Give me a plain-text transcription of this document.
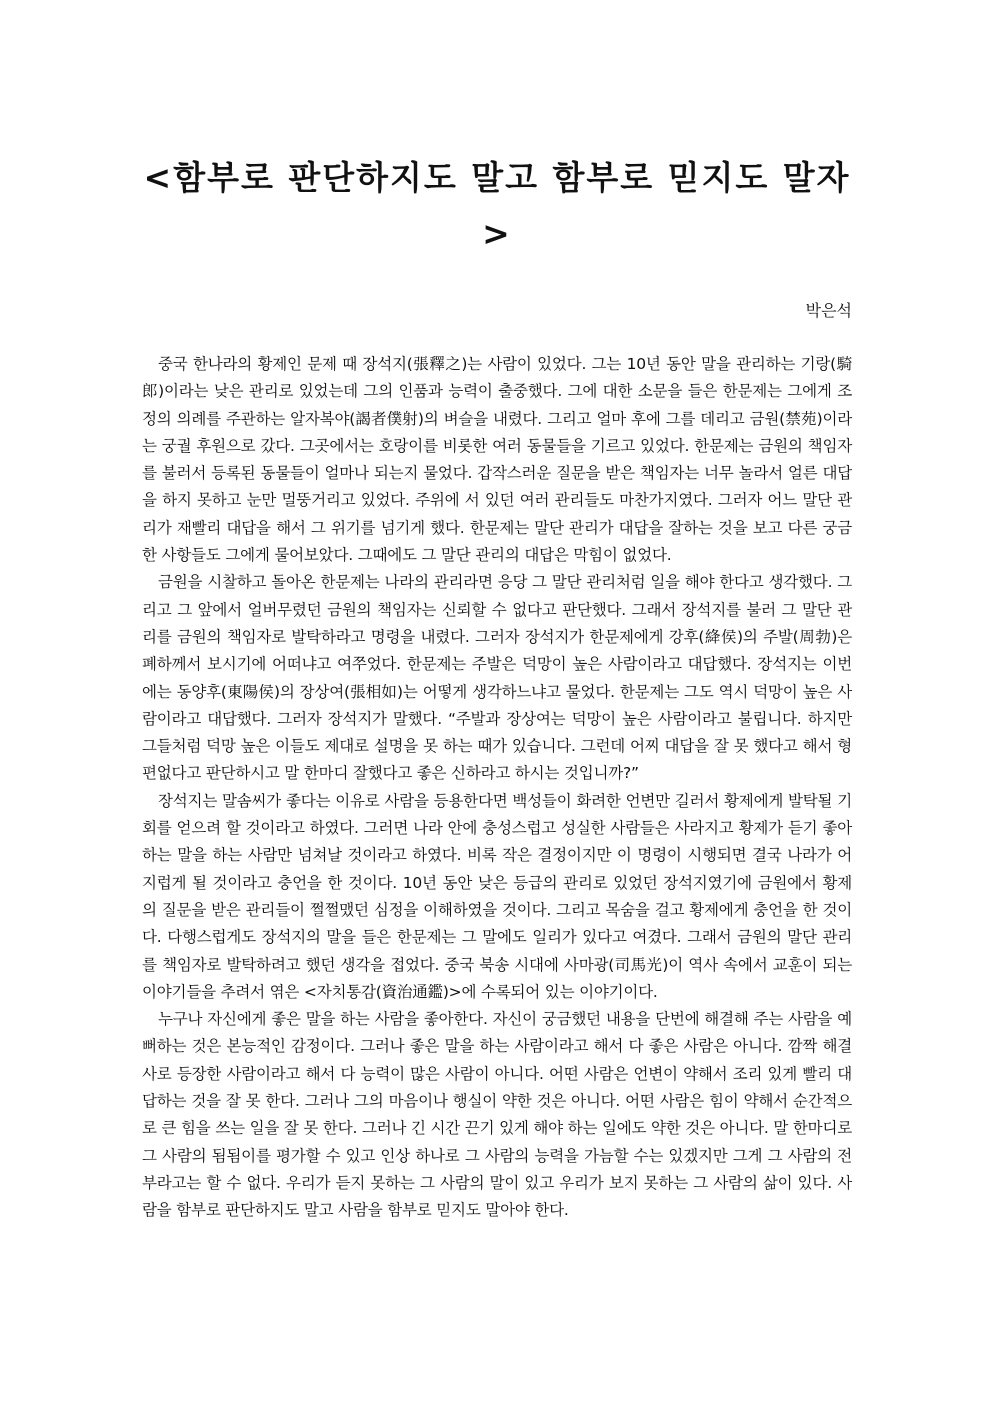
<함부로 판단하지도 말고 함부로 믿지도 말자>
박은석

중국 한나라의 황제인 문제 때 장석지(張釋之)는 사람이 있었다. 그는 10년 동안 말을 관리하는 기랑(騎郎)이라는 낮은 관리로 있었는데 그의 인품과 능력이 출중했다. 그에 대한 소문을 들은 한문제는 그에게 조정의 의례를 주관하는 알자복야(謁者僕射)의 벼슬을 내렸다. 그리고 얼마 후에 그를 데리고 금원(禁苑)이라는 궁궐 후원으로 갔다. 그곳에서는 호랑이를 비롯한 여러 동물들을 기르고 있었다. 한문제는 금원의 책임자를 불러서 등록된 동물들이 얼마나 되는지 물었다. 갑작스러운 질문을 받은 책임자는 너무 놀라서 얼른 대답을 하지 못하고 눈만 멀뚱거리고 있었다. 주위에 서 있던 여러 관리들도 마찬가지였다. 그러자 어느 말단 관리가 재빨리 대답을 해서 그 위기를 넘기게 했다. 한문제는 말단 관리가 대답을 잘하는 것을 보고 다른 궁금한 사항들도 그에게 물어보았다. 그때에도 그 말단 관리의 대답은 막힘이 없었다.

금원을 시찰하고 돌아온 한문제는 나라의 관리라면 응당 그 말단 관리처럼 일을 해야 한다고 생각했다. 그리고 그 앞에서 얼버무렸던 금원의 책임자는 신뢰할 수 없다고 판단했다. 그래서 장석지를 불러 그 말단 관리를 금원의 책임자로 발탁하라고 명령을 내렸다. 그러자 장석지가 한문제에게 강후(絳侯)의 주발(周勃)은 폐하께서 보시기에 어떠냐고 여쭈었다. 한문제는 주발은 덕망이 높은 사람이라고 대답했다. 장석지는 이번에는 동양후(東陽侯)의 장상여(張相如)는 어떻게 생각하느냐고 물었다. 한문제는 그도 역시 덕망이 높은 사람이라고 대답했다. 그러자 장석지가 말했다. “주발과 장상여는 덕망이 높은 사람이라고 불립니다. 하지만 그들처럼 덕망 높은 이들도 제대로 설명을 못 하는 때가 있습니다. 그런데 어찌 대답을 잘 못 했다고 해서 형편없다고 판단하시고 말 한마디 잘했다고 좋은 신하라고 하시는 것입니까?”

장석지는 말솜씨가 좋다는 이유로 사람을 등용한다면 백성들이 화려한 언변만 길러서 황제에게 발탁될 기회를 얻으려 할 것이라고 하였다. 그러면 나라 안에 충성스럽고 성실한 사람들은 사라지고 황제가 듣기 좋아하는 말을 하는 사람만 넘쳐날 것이라고 하였다. 비록 작은 결정이지만 이 명령이 시행되면 결국 나라가 어지럽게 될 것이라고 충언을 한 것이다. 10년 동안 낮은 등급의 관리로 있었던 장석지였기에 금원에서 황제의 질문을 받은 관리들이 쩔쩔맸던 심정을 이해하였을 것이다. 그리고 목숨을 걸고 황제에게 충언을 한 것이다. 다행스럽게도 장석지의 말을 들은 한문제는 그 말에도 일리가 있다고 여겼다. 그래서 금원의 말단 관리를 책임자로 발탁하려고 했던 생각을 접었다. 중국 북송 시대에 사마광(司馬光)이 역사 속에서 교훈이 되는 이야기들을 추려서 엮은 <자치통감(資治通鑑)>에 수록되어 있는 이야기이다.

누구나 자신에게 좋은 말을 하는 사람을 좋아한다. 자신이 궁금했던 내용을 단번에 해결해 주는 사람을 예뻐하는 것은 본능적인 감정이다. 그러나 좋은 말을 하는 사람이라고 해서 다 좋은 사람은 아니다. 깜짝 해결사로 등장한 사람이라고 해서 다 능력이 많은 사람이 아니다. 어떤 사람은 언변이 약해서 조리 있게 빨리 대답하는 것을 잘 못 한다. 그러나 그의 마음이나 행실이 약한 것은 아니다. 어떤 사람은 힘이 약해서 순간적으로 큰 힘을 쓰는 일을 잘 못 한다. 그러나 긴 시간 끈기 있게 해야 하는 일에도 약한 것은 아니다. 말 한마디로 그 사람의 됨됨이를 평가할 수 있고 인상 하나로 그 사람의 능력을 가늠할 수는 있겠지만 그게 그 사람의 전부라고는 할 수 없다. 우리가 듣지 못하는 그 사람의 말이 있고 우리가 보지 못하는 그 사람의 삶이 있다. 사람을 함부로 판단하지도 말고 사람을 함부로 믿지도 말아야 한다.
